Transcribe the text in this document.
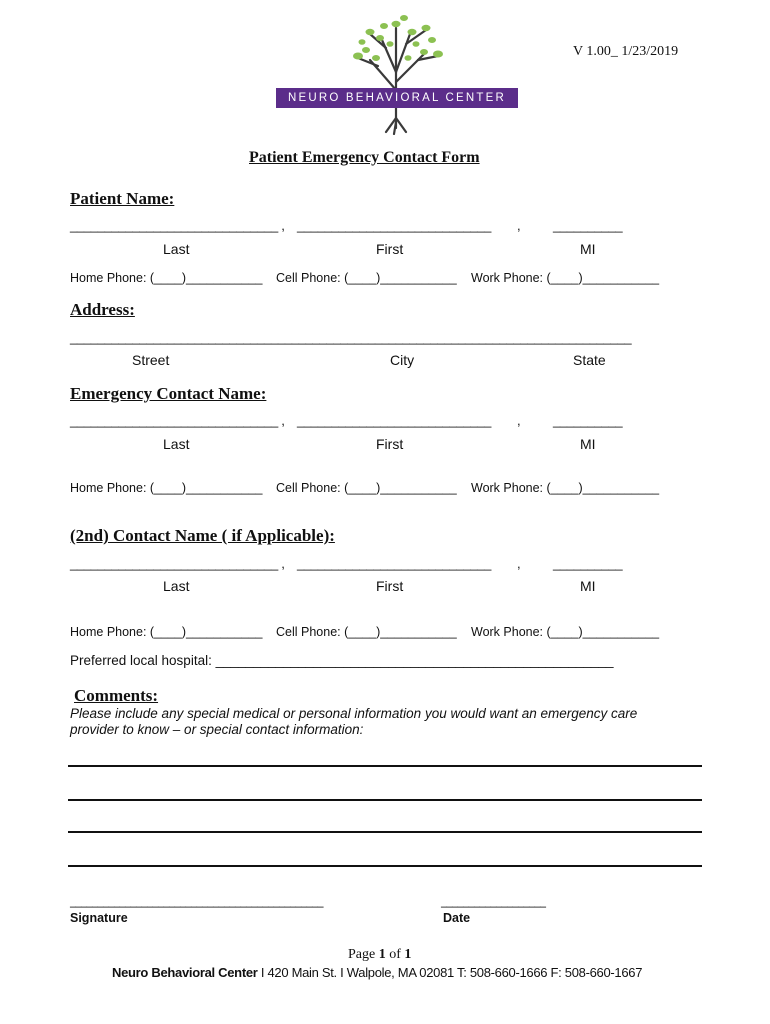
NEURO BEHAVIORAL CENTER
V 1.00_ 1/23/2019
Patient Emergency Contact Form
Patient Name:
______________________________ , ____________________________ ,	__________
Last	First	MI
Home Phone: (____)___________ Cell Phone: (____)___________ Work Phone: (____)___________
Address:
_________________________________________________________________________________
Street	City	State
Emergency Contact Name:
______________________________ , ____________________________ ,	__________
Last	First	MI
Home Phone: (____)___________ Cell Phone: (____)___________ Work Phone: (____)___________
(2nd) Contact Name ( if Applicable):
______________________________ , ____________________________ ,	__________
Last	First	MI
Home Phone: (____)___________ Cell Phone: (____)___________ Work Phone: (____)___________
Preferred local hospital: _____________________________________________________
Comments:
Please include any special medical or personal information you would want an emergency care
provider to know – or special contact information:
______________________________________________
Signature
___________________
Date
Page 1 of 1
Neuro Behavioral Center I 420 Main St. I Walpole, MA 02081 T: 508-660-1666 F: 508-660-1667
